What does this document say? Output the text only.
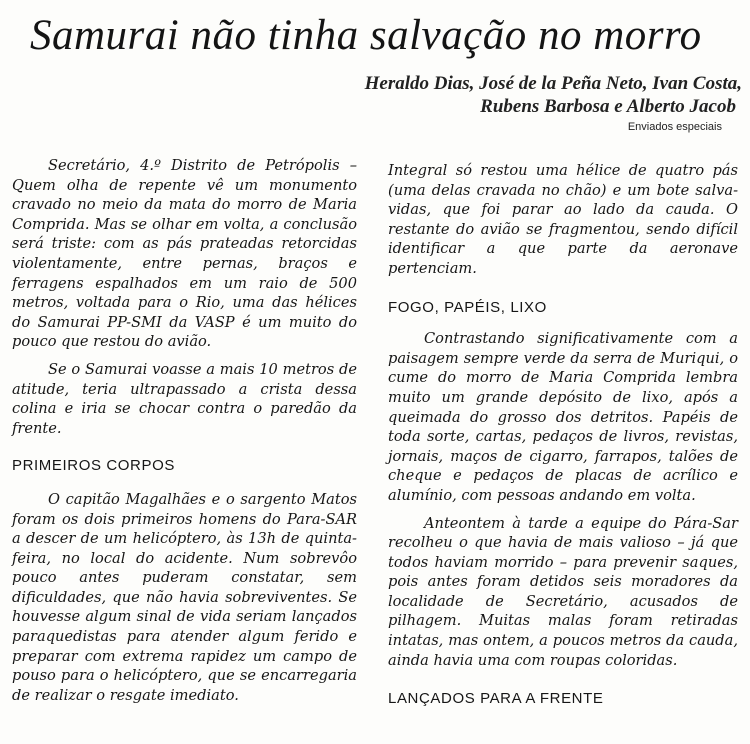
Samurai não tinha salvação no morro
Heraldo Dias, José de la Peña Neto, Ivan Costa,
Rubens Barbosa e Alberto Jacob
Enviados especiais

Secretário, 4.º Distrito de Petrópolis – Quem olha de repente vê um monumento cravado no meio da mata do morro de Maria Comprida. Mas se olhar em volta, a conclusão será triste: com as pás prateadas retorcidas violentamente, entre pernas, braços e ferragens espalhados em um raio de 500 metros, voltada para o Rio, uma das hélices do Samurai PP-SMI da VASP é um muito do pouco que restou do avião.

Se o Samurai voasse a mais 10 metros de atitude, teria ultrapassado a crista dessa colina e iria se chocar contra o paredão da frente.

PRIMEIROS CORPOS

O capitão Magalhães e o sargento Matos foram os dois primeiros homens do Para-SAR a descer de um helicóptero, às 13h de quinta-feira, no local do acidente. Num sobrevôo pouco antes puderam constatar, sem dificuldades, que não havia sobreviventes. Se houvesse algum sinal de vida seriam lançados paraquedistas para atender algum ferido e preparar com extrema rapidez um campo de pouso para o helicóptero, que se encarregaria de realizar o resgate imediato.

Integral só restou uma hélice de quatro pás (uma delas cravada no chão) e um bote salva-vidas, que foi parar ao lado da cauda. O restante do avião se fragmentou, sendo difícil identificar a que parte da aeronave pertenciam.

FOGO, PAPÉIS, LIXO

Contrastando significativamente com a paisagem sempre verde da serra de Muriqui, o cume do morro de Maria Comprida lembra muito um grande depósito de lixo, após a queimada do grosso dos detritos. Papéis de toda sorte, cartas, pedaços de livros, revistas, jornais, maços de cigarro, farrapos, talões de cheque e pedaços de placas de acrílico e alumínio, com pessoas andando em volta.

Anteontem à tarde a equipe do Pára-Sar recolheu o que havia de mais valioso – já que todos haviam morrido – para prevenir saques, pois antes foram detidos seis moradores da localidade de Secretário, acusados de pilhagem. Muitas malas foram retiradas intatas, mas ontem, a poucos metros da cauda, ainda havia uma com roupas coloridas.

LANÇADOS PARA A FRENTE
